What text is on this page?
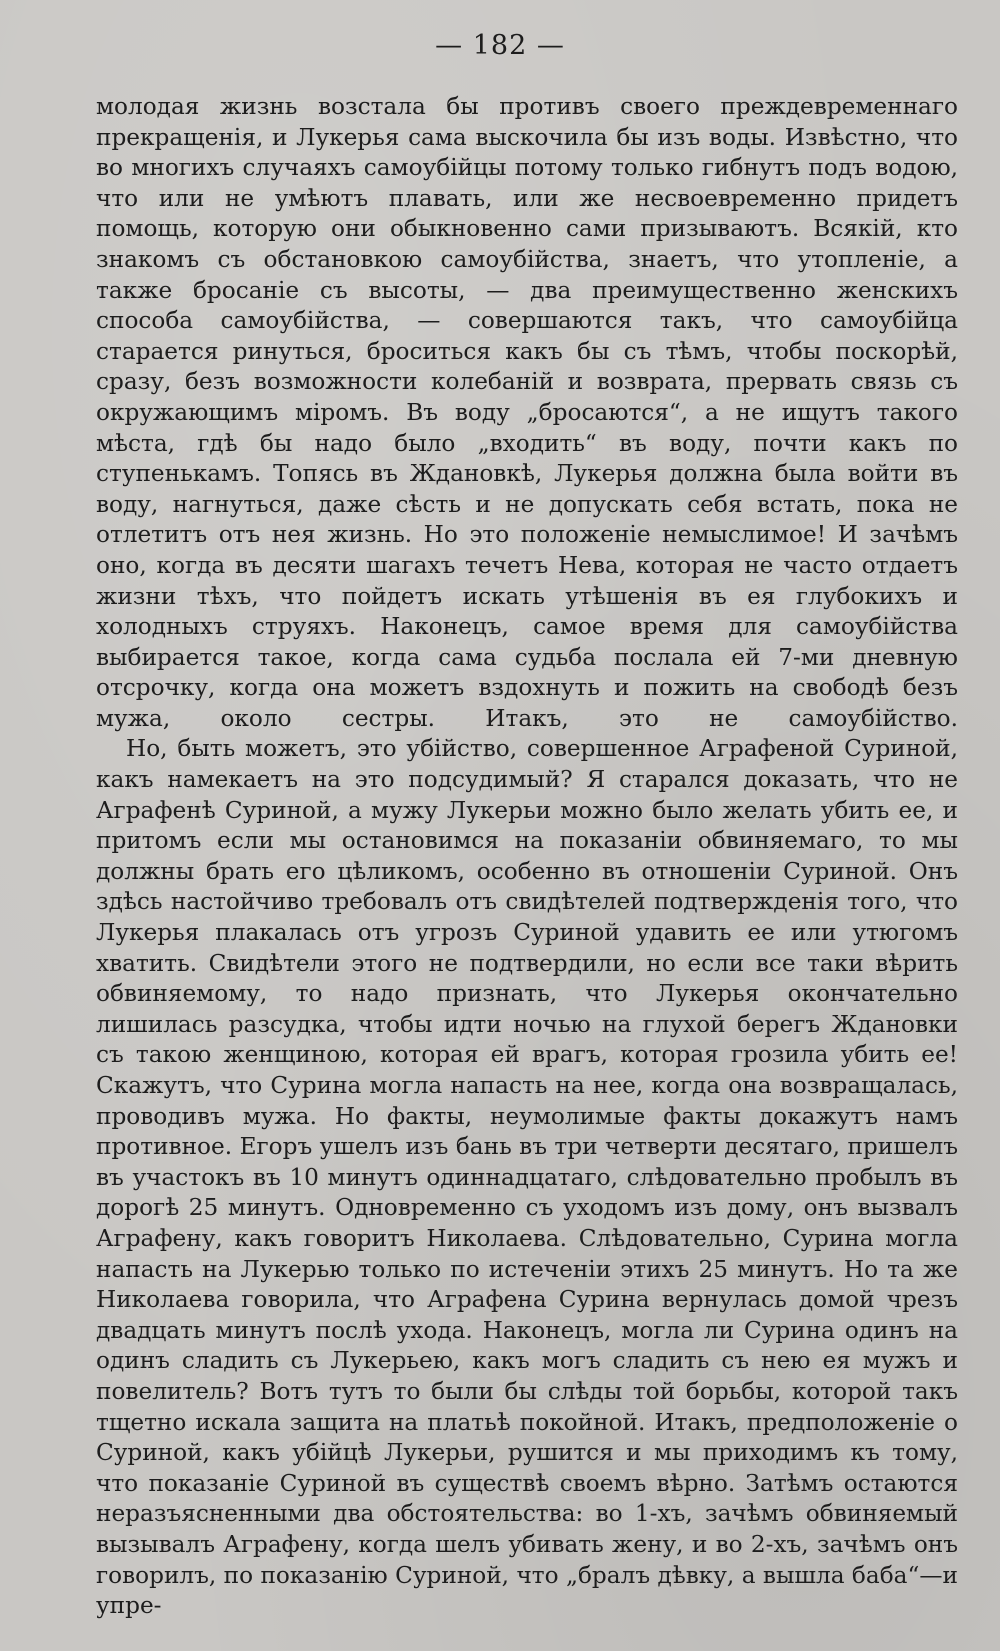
— 182 —

молодая жизнь возстала бы противъ своего преждевременнаго прекращенія, и Лукерья сама выскочила бы изъ воды. Извѣстно, что во многихъ случаяхъ самоубійцы потому только гибнутъ подъ водою, что или не умѣютъ плавать, или же несвоевременно придетъ помощь, которую они обыкновенно сами призываютъ. Всякій, кто знакомъ съ обстановкою самоубійства, знаетъ, что утопленіе, а также бросаніе съ высоты, — два преимущественно женскихъ способа самоубійства, — совершаются такъ, что самоубійца старается ринуться, броситься какъ бы съ тѣмъ, чтобы поскорѣй, сразу, безъ возможности колебаній и возврата, прервать связь съ окружающимъ міромъ. Въ воду „бросаются“, а не ищутъ такого мѣста, гдѣ бы надо было „входить“ въ воду, почти какъ по ступенькамъ. Топясь въ Ждановкѣ, Лукерья должна была войти въ воду, нагнуться, даже сѣсть и не допускать себя встать, пока не отлетитъ отъ нея жизнь. Но это положеніе немыслимое! И зачѣмъ оно, когда въ десяти шагахъ течетъ Нева, которая не часто отдаетъ жизни тѣхъ, что пойдетъ искать утѣшенія въ ея глубокихъ и холодныхъ струяхъ. Наконецъ, самое время для самоубійства выбирается такое, когда сама судьба послала ей 7-ми дневную отсрочку, когда она можетъ вздохнуть и пожить на свободѣ безъ мужа, около сестры. Итакъ, это не самоубійство.

Но, быть можетъ, это убійство, совершенное Аграфеной Суриной, какъ намекаетъ на это подсудимый? Я старался доказать, что не Аграфенѣ Суриной, а мужу Лукерьи можно было желать убить ее, и притомъ если мы остановимся на показаніи обвиняемаго, то мы должны брать его цѣликомъ, особенно въ отношеніи Суриной. Онъ здѣсь настойчиво требовалъ отъ свидѣтелей подтвержденія того, что Лукерья плакалась отъ угрозъ Суриной удавить ее или утюгомъ хватить. Свидѣтели этого не подтвердили, но если все таки вѣрить обвиняемому, то надо признать, что Лукерья окончательно лишилась разсудка, чтобы идти ночью на глухой берегъ Ждановки съ такою женщиною, которая ей врагъ, которая грозила убить ее! Скажутъ, что Сурина могла напасть на нее, когда она возвращалась, проводивъ мужа. Но факты, неумолимые факты докажутъ намъ противное. Егоръ ушелъ изъ бань въ три четверти десятаго, пришелъ въ участокъ въ 10 минутъ одиннадцатаго, слѣдовательно пробылъ въ дорогѣ 25 минутъ. Одновременно съ уходомъ изъ дому, онъ вызвалъ Аграфену, какъ говоритъ Николаева. Слѣдовательно, Сурина могла напасть на Лукерью только по истеченіи этихъ 25 минутъ. Но та же Николаева говорила, что Аграфена Сурина вернулась домой чрезъ двадцать минутъ послѣ ухода. Наконецъ, могла ли Сурина одинъ на одинъ сладить съ Лукерьею, какъ могъ сладить съ нею ея мужъ и повелитель? Вотъ тутъ то были бы слѣды той борьбы, которой такъ тщетно искала защита на платьѣ покойной. Итакъ, предположеніе о Суриной, какъ убійцѣ Лукерьи, рушится и мы приходимъ къ тому, что показаніе Суриной въ существѣ своемъ вѣрно. Затѣмъ остаются неразъясненными два обстоятельства: во 1-хъ, зачѣмъ обвиняемый вызывалъ Аграфену, когда шелъ убивать жену, и во 2-хъ, зачѣмъ онъ говорилъ, по показанію Суриной, что „бралъ дѣвку, а вышла баба“—и упре-
